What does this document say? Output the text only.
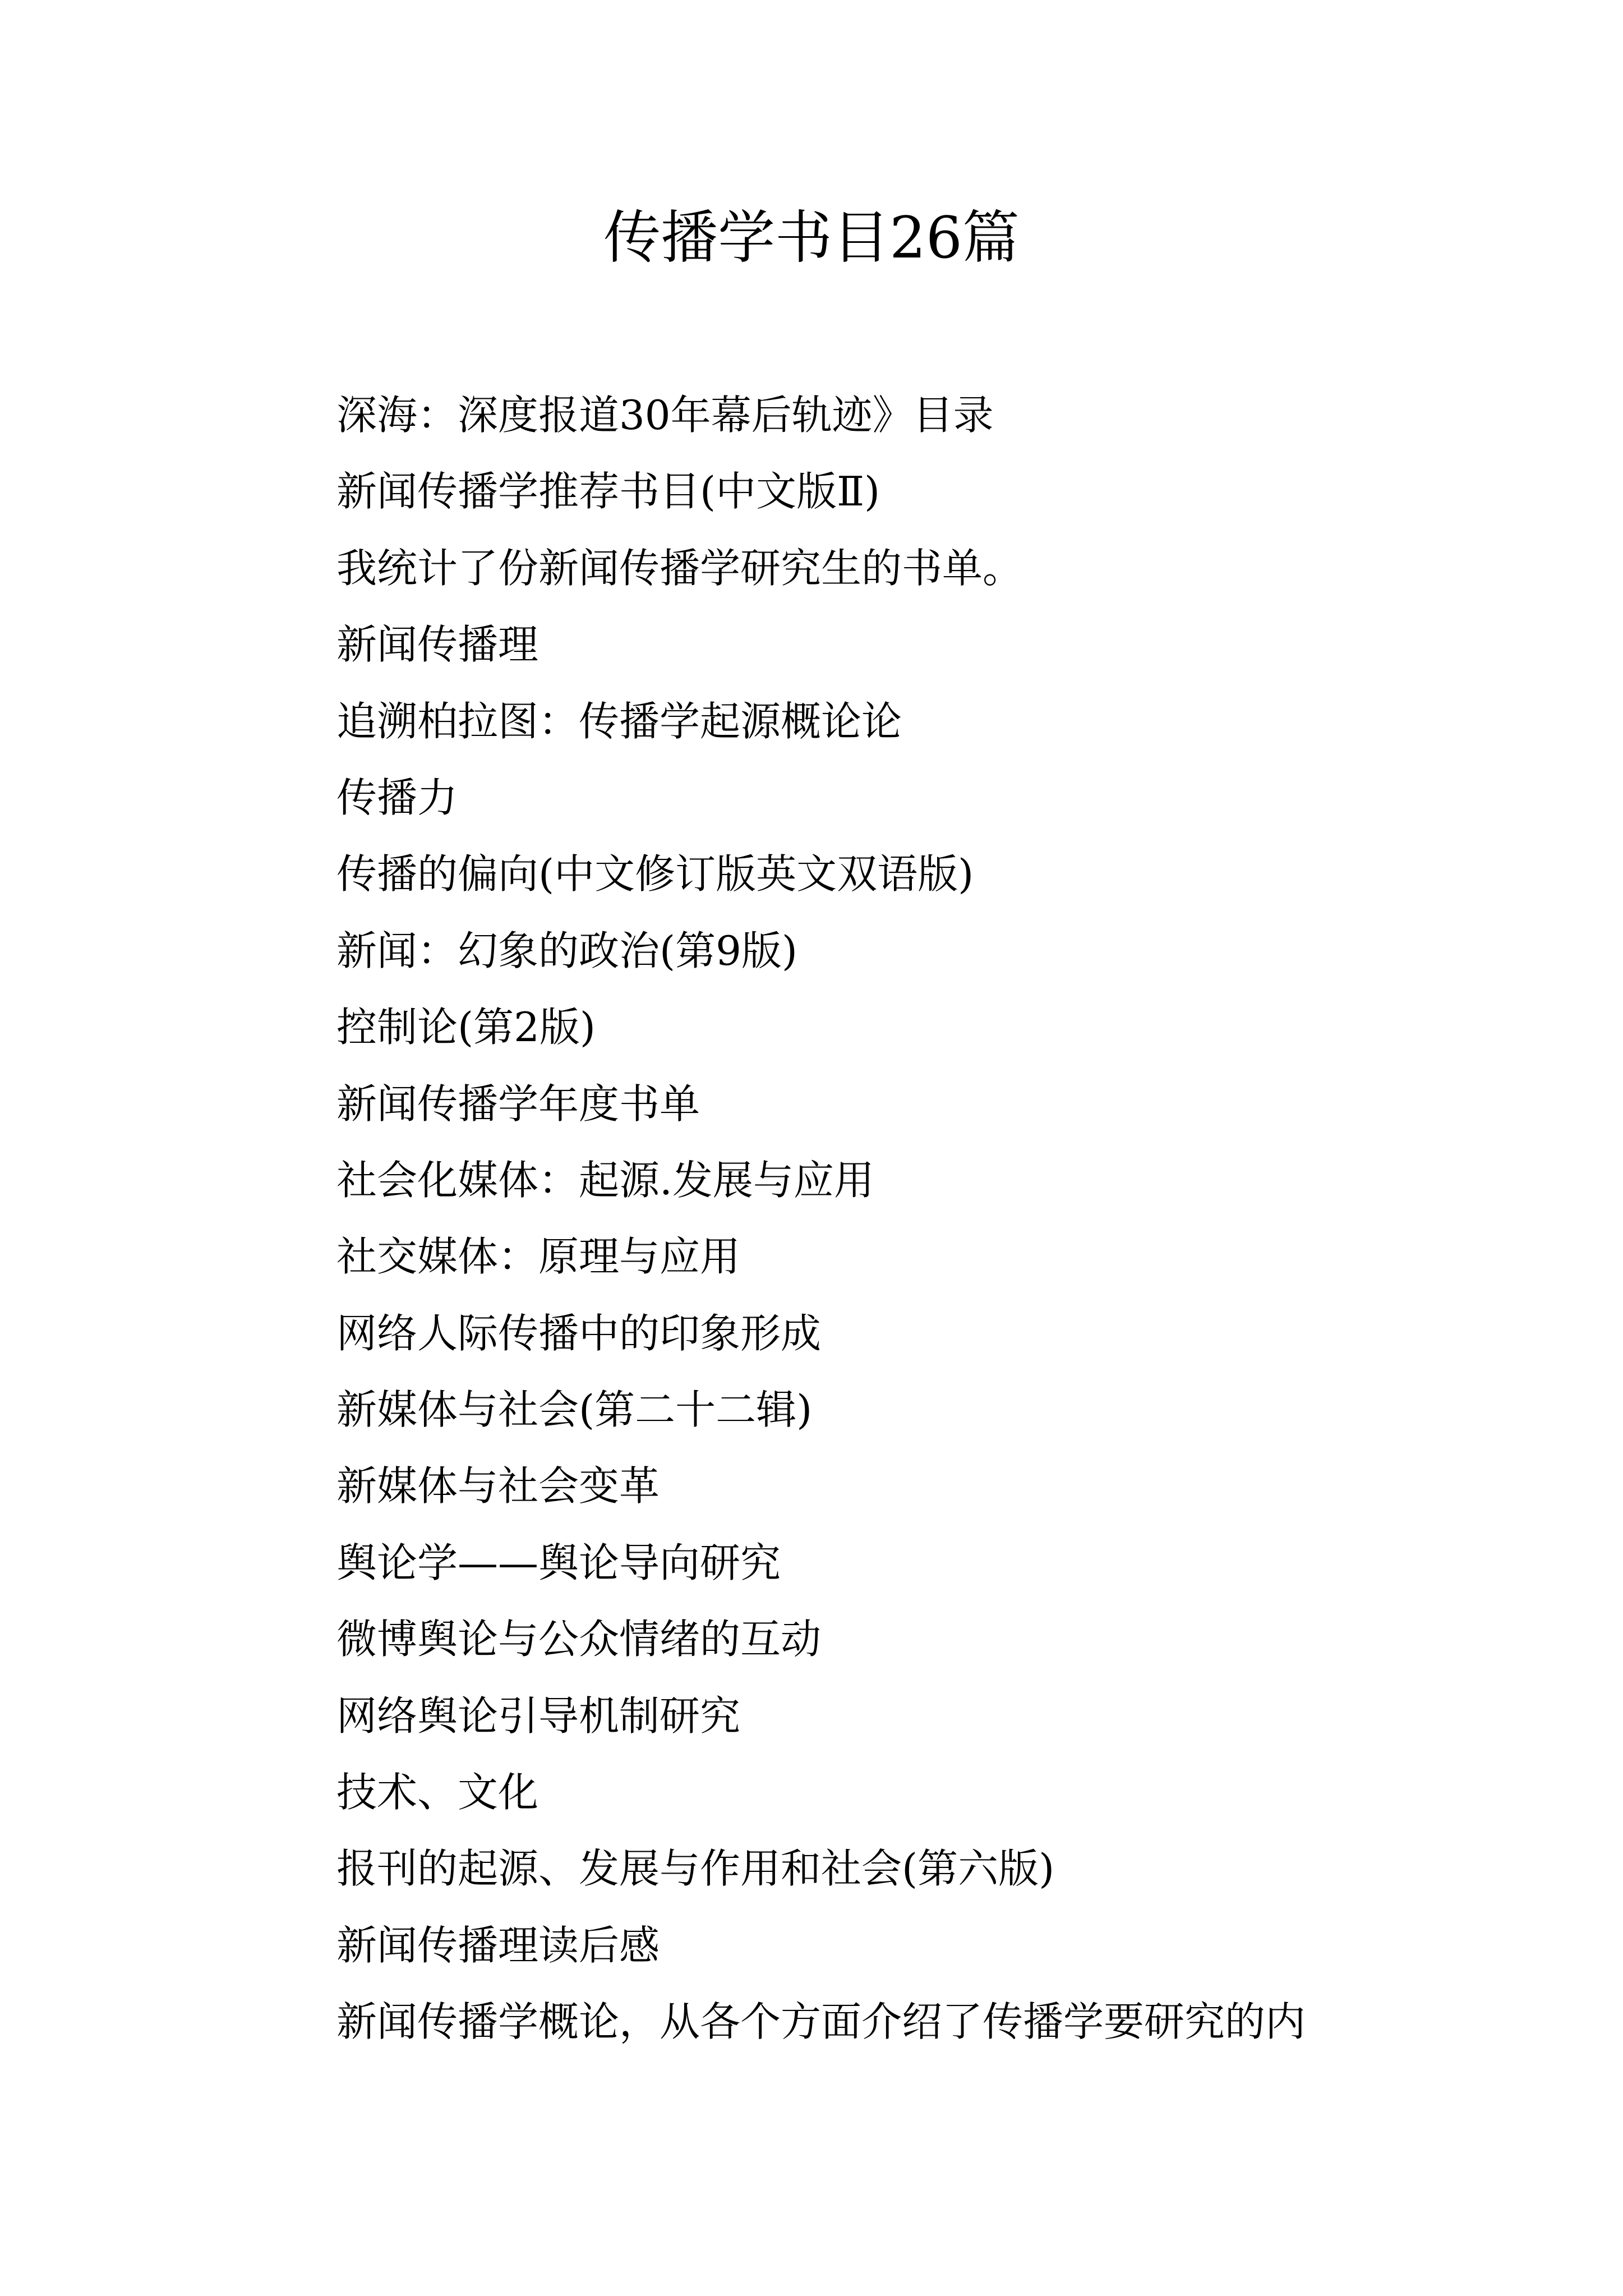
传播学书目26篇
深海：深度报道30年幕后轨迹》目录
新闻传播学推荐书目(中文版Ⅱ)
我统计了份新闻传播学研究生的书单。
新闻传播理
追溯柏拉图：传播学起源概论论
传播力
传播的偏向(中文修订版英文双语版)
新闻：幻象的政治(第9版)
控制论(第2版)
新闻传播学年度书单
社会化媒体：起源.发展与应用
社交媒体：原理与应用
网络人际传播中的印象形成
新媒体与社会(第二十二辑)
新媒体与社会变革
舆论学——舆论导向研究
微博舆论与公众情绪的互动
网络舆论引导机制研究
技术、文化
报刊的起源、发展与作用和社会(第六版)
新闻传播理读后感
新闻传播学概论，从各个方面介绍了传播学要研究的内
